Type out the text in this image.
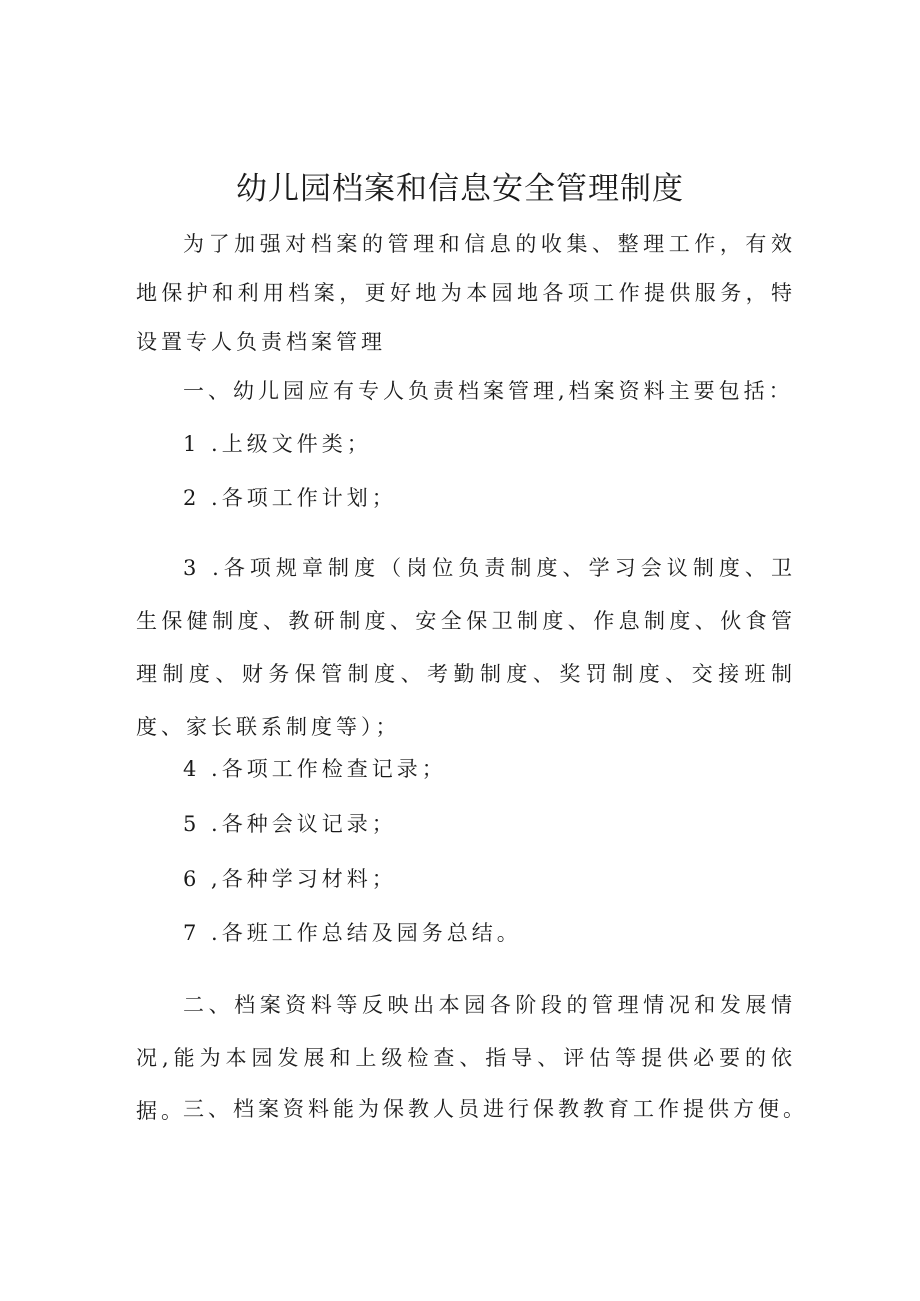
幼儿园档案和信息安全管理制度

为了加强对档案的管理和信息的收集、整理工作，有效地保护和利用档案，更好地为本园地各项工作提供服务，特设置专人负责档案管理

一、幼儿园应有专人负责档案管理,档案资料主要包括：

1 .上级文件类；

2 .各项工作计划；

3 .各项规章制度（岗位负责制度、学习会议制度、卫生保健制度、教研制度、安全保卫制度、作息制度、伙食管理制度、财务保管制度、考勤制度、奖罚制度、交接班制度、家长联系制度等）；

4 .各项工作检查记录；

5 .各种会议记录；

6 ,各种学习材料；

7 .各班工作总结及园务总结。

二、档案资料等反映出本园各阶段的管理情况和发展情况,能为本园发展和上级检查、指导、评估等提供必要的依据。

三、档案资料能为保教人员进行保教教育工作提供方便。
